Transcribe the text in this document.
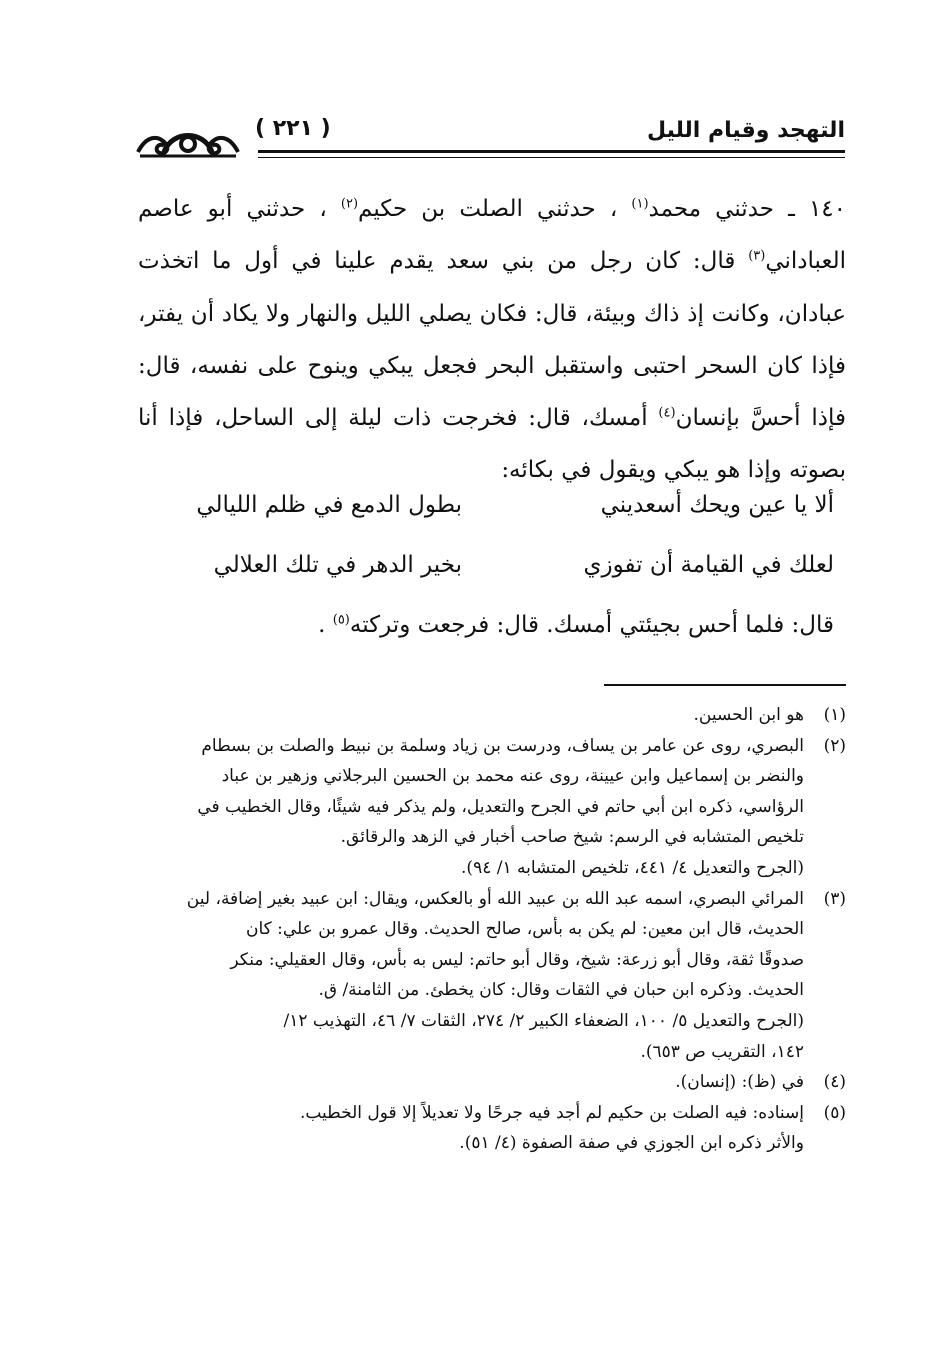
التهجد وقيام الليل
( ٢٢١ )

١٤٠ ـ حدثني محمد$^{(١)}$ ، حدثني الصلت بن حكيم$^{(٢)}$ ، حدثني أبو عاصم العباداني$^{(٣)}$ قال: كان رجل من بني سعد يقدم علينا في أول ما اتخذت عبادان، وكانت إذ ذاك وبيئة، قال: فكان يصلي الليل والنهار ولا يكاد أن يفتر، فإذا كان السحر احتبى واستقبل البحر فجعل يبكي وينوح على نفسه، قال: فإذا أحسَّ بإنسان$^{(٤)}$ أمسك، قال: فخرجت ذات ليلة إلى الساحل، فإذا أنا بصوته وإذا هو يبكي ويقول في بكائه:

ألا يا عين ويحك أسعديني
بطول الدمع في ظلم الليالي
لعلك في القيامة أن تفوزي
بخير الدهر في تلك العلالي
قال: فلما أحس بجيئتي أمسك. قال: فرجعت وتركته$^{(٥)}$ .
(١)
هو ابن الحسين.
(٢)
البصري، روى عن عامر بن يساف، ودرست بن زياد وسلمة بن نبيط والصلت بن بسطام
والنضر بن إسماعيل وابن عيينة، روى عنه محمد بن الحسين البرجلاني وزهير بن عباد
الرؤاسي، ذكره ابن أبي حاتم في الجرح والتعديل، ولم يذكر فيه شيئًا، وقال الخطيب في
تلخيص المتشابه في الرسم: شيخ صاحب أخبار في الزهد والرقائق.
(الجرح والتعديل ٤/ ٤٤١، تلخيص المتشابه ١/ ٩٤).
(٣)
المرائي البصري، اسمه عبد الله بن عبيد الله أو بالعكس، ويقال: ابن عبيد بغير إضافة، لين
الحديث، قال ابن معين: لم يكن به بأس، صالح الحديث. وقال عمرو بن علي: كان
صدوقًا ثقة، وقال أبو زرعة: شيخ، وقال أبو حاتم: ليس به بأس، وقال العقيلي: منكر
الحديث. وذكره ابن حبان في الثقات وقال: كان يخطئ. من الثامنة/ ق.
(الجرح والتعديل ٥/ ١٠٠، الضعفاء الكبير ٢/ ٢٧٤، الثقات ٧/ ٤٦، التهذيب ١٢/
١٤٢، التقريب ص ٦٥٣).
(٤)
في (ظ): (إنسان).
(٥)
إسناده: فيه الصلت بن حكيم لم أجد فيه جرحًا ولا تعديلاً إلا قول الخطيب.
والأثر ذكره ابن الجوزي في صفة الصفوة (٤/ ٥١).
